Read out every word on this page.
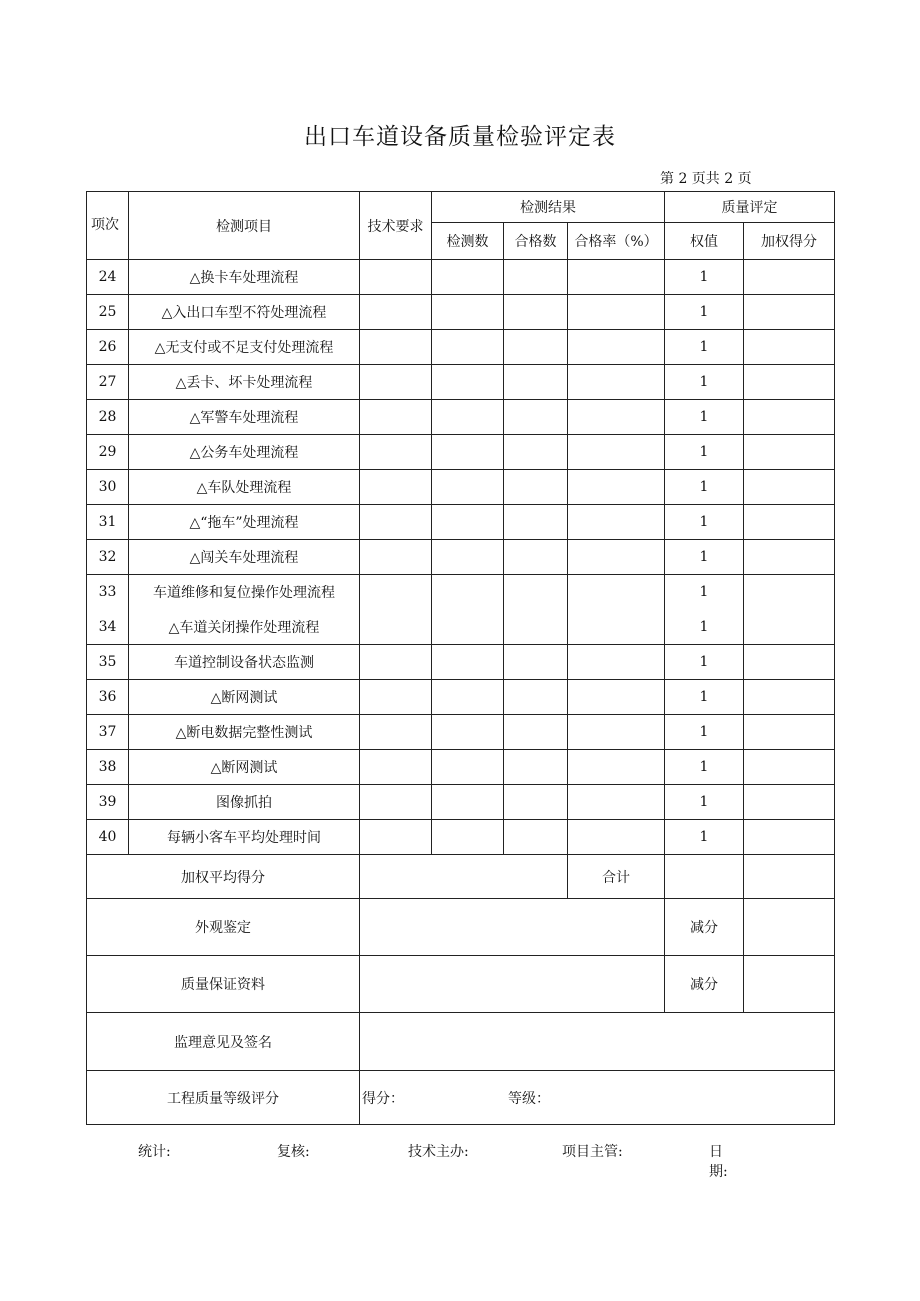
出口车道设备质量检验评定表
第 2 页共 2 页
项次	检测项目	技术要求	检测结果			质量评定	
			检测数	合格数	合格率（%）	权值	加权得分
24	△换卡车处理流程					1	
25	△入出口车型不符处理流程					1	
26	△无支付或不足支付处理流程					1	
27	△丢卡、坏卡处理流程					1	
28	△军警车处理流程					1	
29	△公务车处理流程					1	
30	△车队处理流程					1	
31	△“拖车”处理流程					1	
32	△闯关车处理流程					1	
33	车道维修和复位操作处理流程					1	
34	△车道关闭操作处理流程					1	
35	车道控制设备状态监测					1	
36	△断网测试					1	
37	△断电数据完整性测试					1	
38	△断网测试					1	
39	图像抓拍					1	
40	每辆小客车平均处理时间					1	
加权平均得分					合计		
外观鉴定						减分	
质量保证资料						减分	
监理意见及签名							
工程质量等级评分		得分： 等级：					
统计:	复核:	技术主办:	项目主管:	日
期:
